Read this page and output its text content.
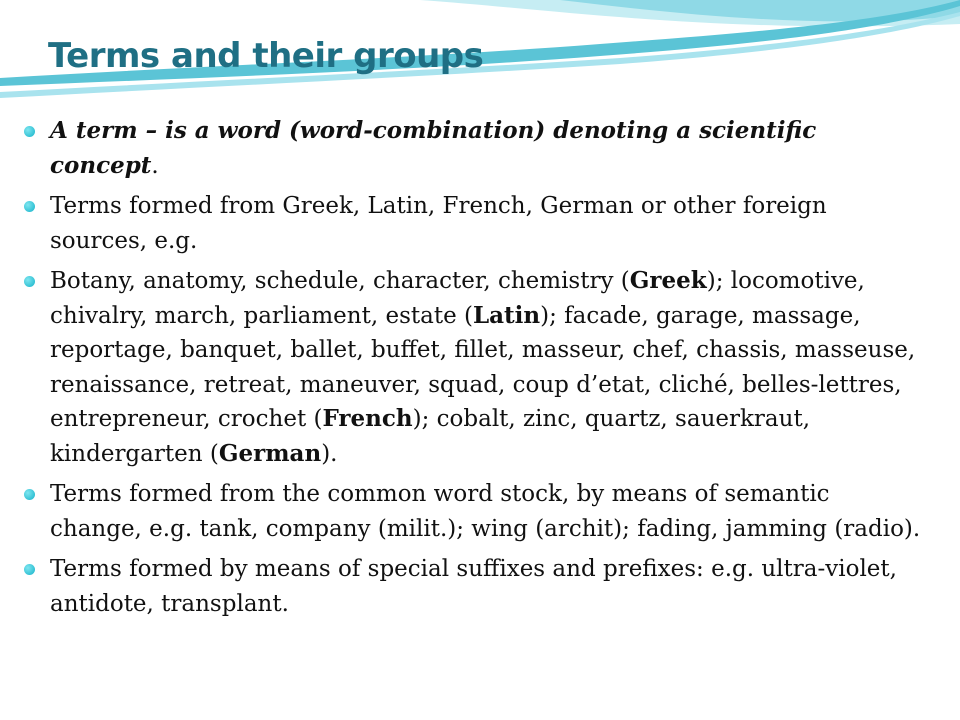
Terms and their groups
A term – is a word (word-combination) denoting a scientific concept.
Terms formed from Greek, Latin, French, German or other foreign sources, e.g.
Botany, anatomy, schedule, character, chemistry (Greek); locomotive, chivalry, march, parliament, estate (Latin); facade, garage, massage, reportage, banquet, ballet, buffet, fillet, masseur, chef, chassis, masseuse, renaissance, retreat, maneuver, squad, coup d’etat, cliché, belles-lettres, entrepreneur, crochet (French); cobalt, zinc, quartz, sauerkraut, kindergarten (German).
Terms formed from the common word stock, by means of semantic change, e.g. tank, company (milit.); wing (archit); fading, jamming (radio).
Terms formed by means of special suffixes and prefixes: e.g. ultra-violet, antidote, transplant.
